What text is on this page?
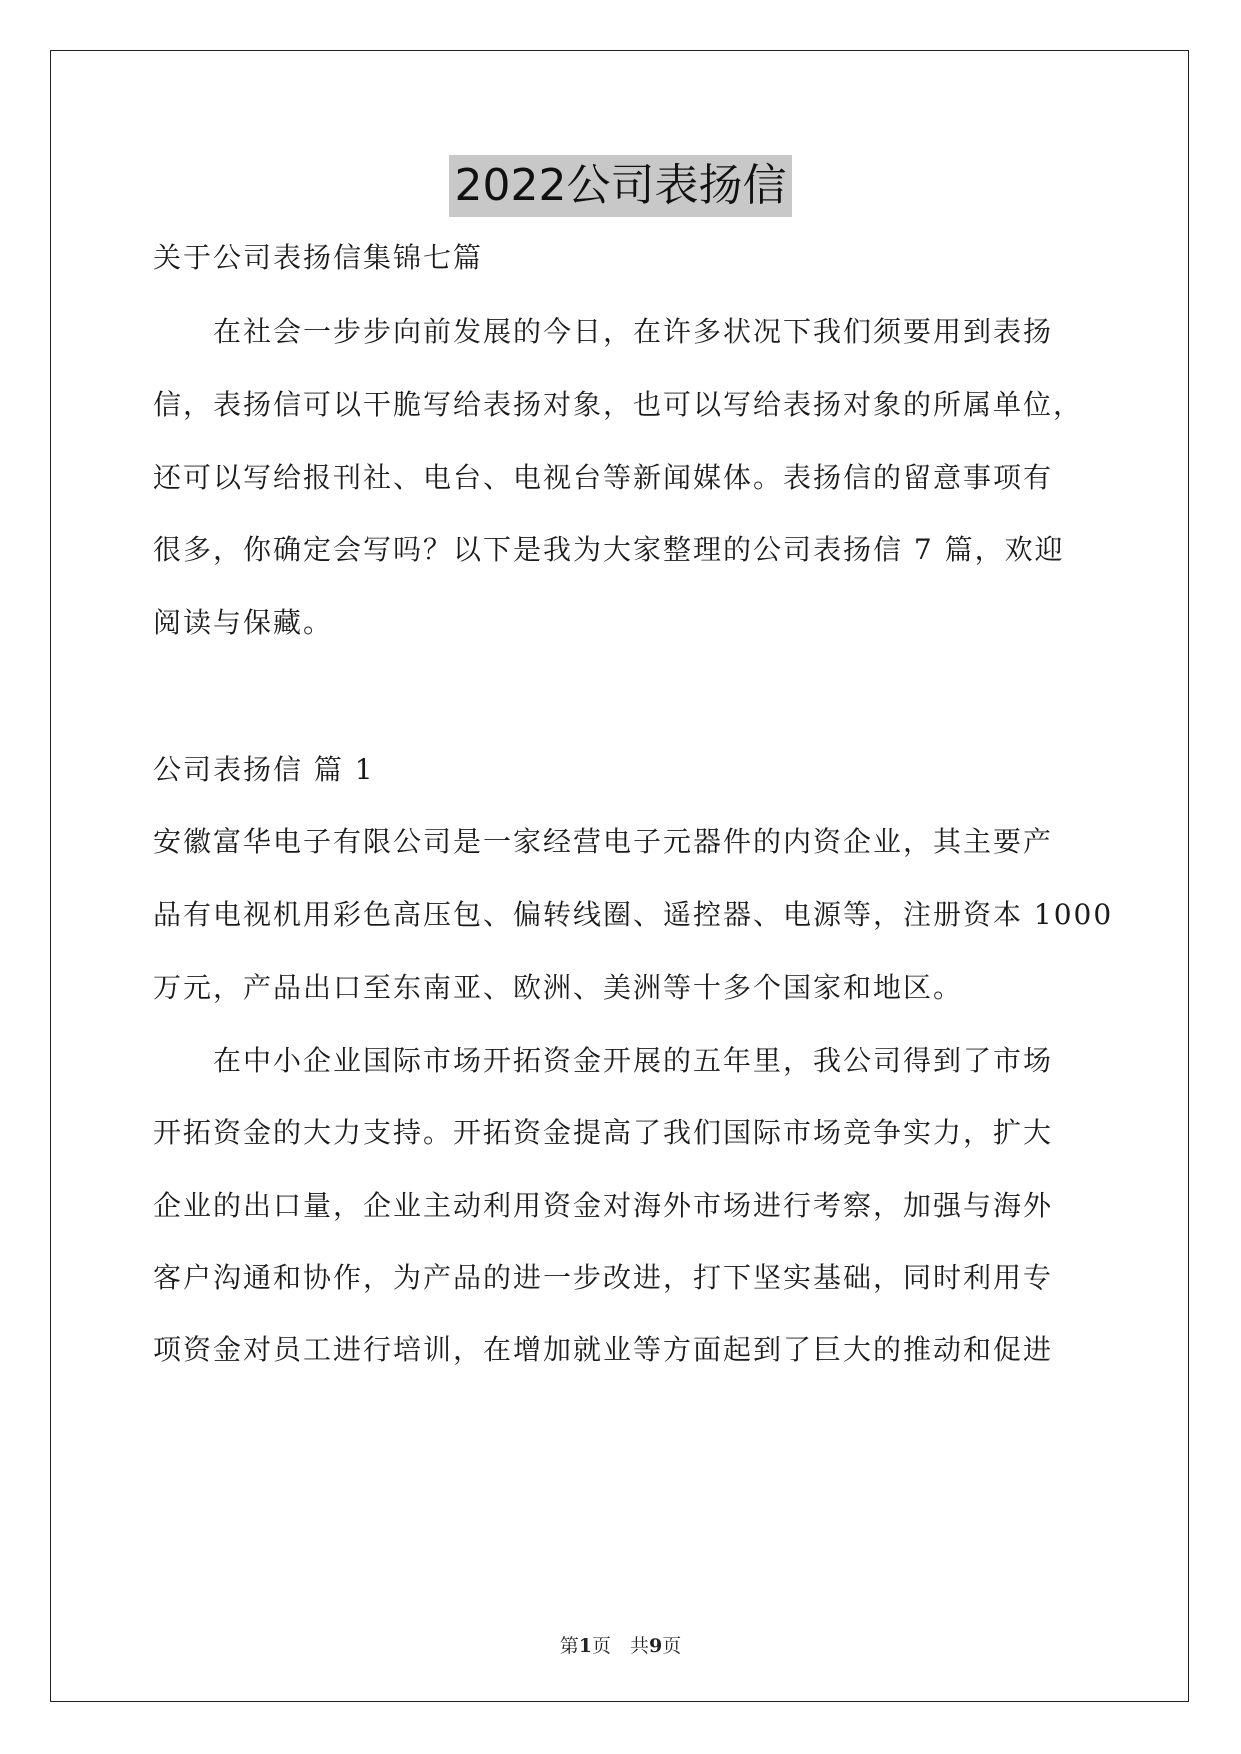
2022公司表扬信
关于公司表扬信集锦七篇
　　在社会一步步向前发展的今日，在许多状况下我们须要用到表扬
信，表扬信可以干脆写给表扬对象，也可以写给表扬对象的所属单位，
还可以写给报刊社、电台、电视台等新闻媒体。表扬信的留意事项有
很多，你确定会写吗？以下是我为大家整理的公司表扬信 7 篇，欢迎
阅读与保藏。
公司表扬信 篇 1
安徽富华电子有限公司是一家经营电子元器件的内资企业，其主要产
品有电视机用彩色高压包、偏转线圈、遥控器、电源等，注册资本 1000
万元，产品出口至东南亚、欧洲、美洲等十多个国家和地区。
　　在中小企业国际市场开拓资金开展的五年里，我公司得到了市场
开拓资金的大力支持。开拓资金提高了我们国际市场竞争实力，扩大
企业的出口量，企业主动利用资金对海外市场进行考察，加强与海外
客户沟通和协作，为产品的进一步改进，打下坚实基础，同时利用专
项资金对员工进行培训，在增加就业等方面起到了巨大的推动和促进
第1页　共9页
